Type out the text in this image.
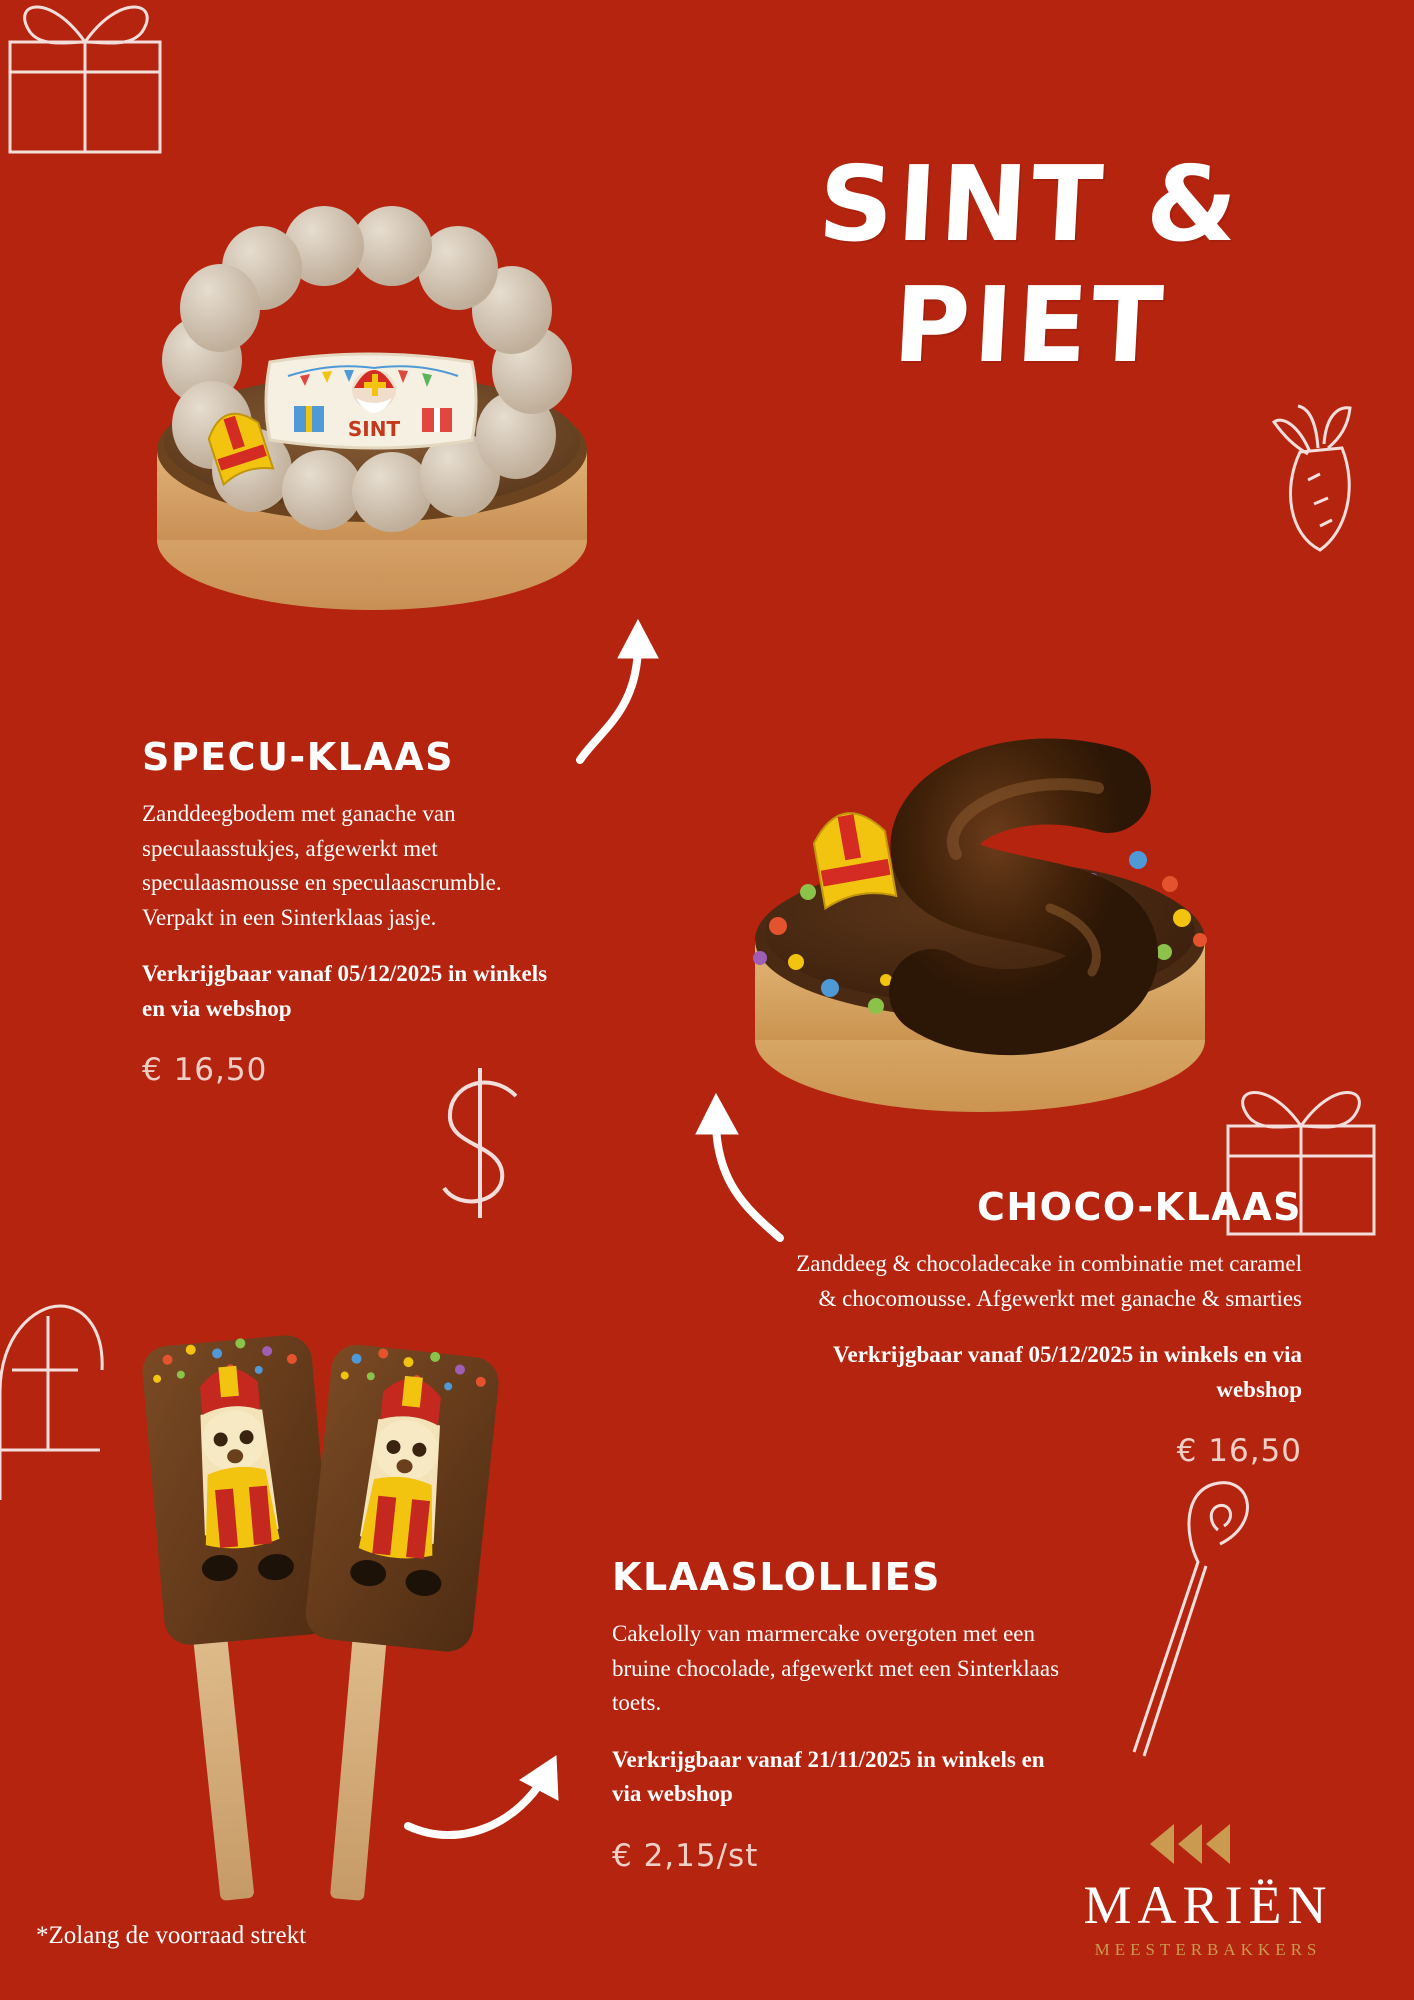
SINT &
PIET
SINT
SPECU-KLAAS

Zanddeegbodem met ganache van speculaasstukjes, afgewerkt met speculaasmousse en speculaascrumble. Verpakt in een Sinterklaas jasje.

Verkrijgbaar vanaf 05/12/2025 in winkels en via webshop

€ 16,50
CHOCO-KLAAS

Zanddeeg & chocoladecake in combinatie met caramel & chocomousse. Afgewerkt met ganache & smarties

Verkrijgbaar vanaf 05/12/2025 in winkels en via webshop

€ 16,50
KLAASLOLLIES

Cakelolly van marmercake overgoten met een bruine chocolade, afgewerkt met een Sinterklaas toets.

Verkrijgbaar vanaf 21/11/2025 in winkels en via webshop

€ 2,15/st
*Zolang de voorraad strekt
MARIËN
MEESTERBAKKERS
